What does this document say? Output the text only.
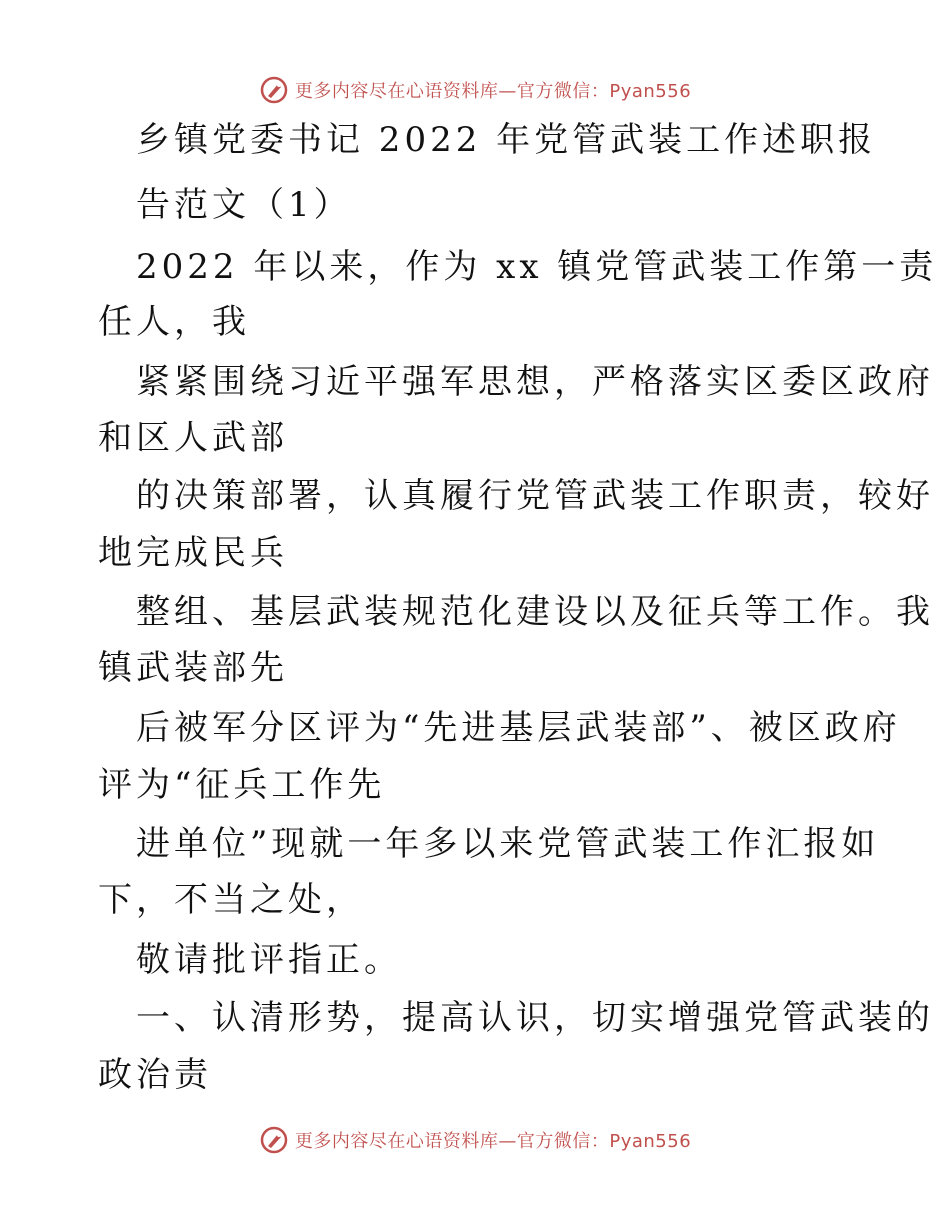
更多内容尽在心语资料库—官方微信：Pyan556
乡镇党委书记 2022 年党管武装工作述职报
告范文（1）
2022 年以来，作为 xx 镇党管武装工作第一责
任人，我
紧紧围绕习近平强军思想，严格落实区委区政府
和区人武部
的决策部署，认真履行党管武装工作职责，较好
地完成民兵
整组、基层武装规范化建设以及征兵等工作。我
镇武装部先
后被军分区评为“先进基层武装部”、被区政府
评为“征兵工作先
进单位”现就一年多以来党管武装工作汇报如
下，不当之处，
敬请批评指正。
一、认清形势，提高认识，切实增强党管武装的
政治责
更多内容尽在心语资料库—官方微信：Pyan556
